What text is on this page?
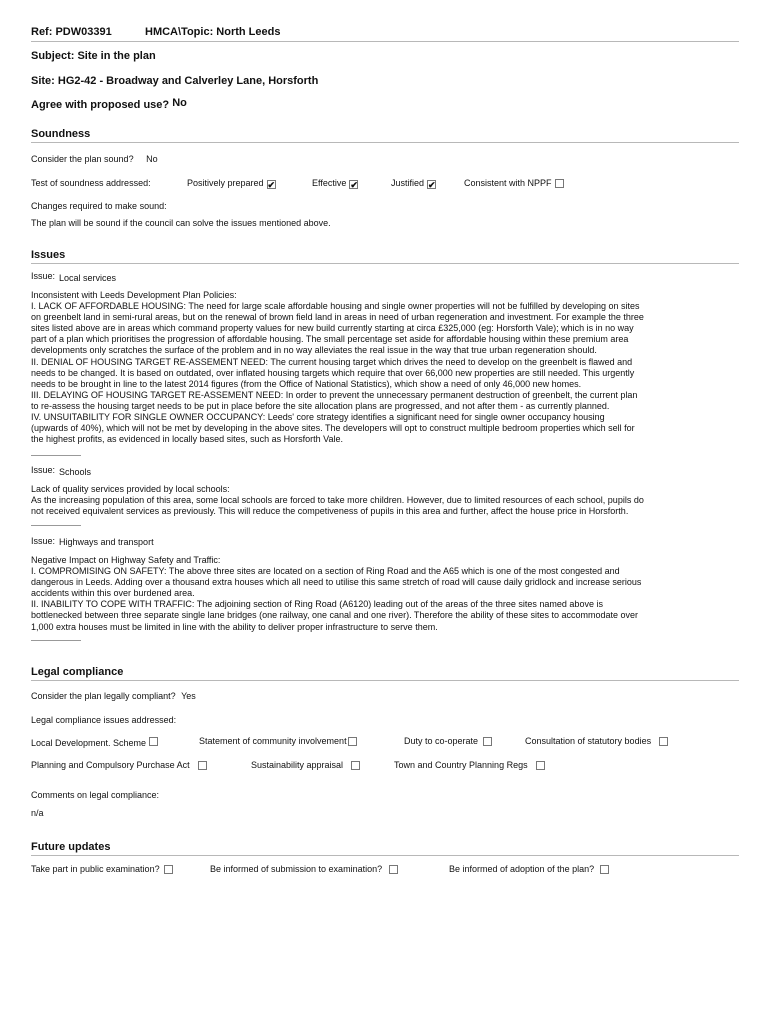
Ref: PDW03391	HMCA\Topic: North Leeds
Subject: Site in the plan
Site: HG2-42 - Broadway and Calverley Lane, Horsforth
Agree with proposed use? No
Soundness
Consider the plan sound? No
Test of soundness addressed:	Positively prepared ✔	Effective ✔	Justified ✔	Consistent with NPPF
Changes required to make sound:
The plan will be sound if the council can solve the issues mentioned above.
Issues
Issue: Local services
Inconsistent with Leeds Development Plan Policies:
I. LACK OF AFFORDABLE HOUSING: The need for large scale affordable housing and single owner properties will not be fulfilled by developing on sites
on greenbelt land in semi-rural areas, but on the renewal of brown field land in areas in need of urban regeneration and investment. For example the three
sites listed above are in areas which command property values for new build currently starting at circa £325,000 (eg: Horsforth Vale); which is in no way
part of a plan which prioritises the progression of affordable housing. The small percentage set aside for affordable housing within these premium area
developments only scratches the surface of the problem and in no way alleviates the real issue in the way that true urban regeneration should.
II. DENIAL OF HOUSING TARGET RE-ASSEMENT NEED: The current housing target which drives the need to develop on the greenbelt is flawed and
needs to be changed. It is based on outdated, over inflated housing targets which require that over 66,000 new properties are still needed. This urgently
needs to be brought in line to the latest 2014 figures (from the Office of National Statistics), which show a need of only 46,000 new homes.
III. DELAYING OF HOUSING TARGET RE-ASSEMENT NEED: In order to prevent the unnecessary permanent destruction of greenbelt, the current plan
to re-assess the housing target needs to be put in place before the site allocation plans are progressed, and not after them - as currently planned.
IV. UNSUITABILITY FOR SINGLE OWNER OCCUPANCY: Leeds' core strategy identifies a significant need for single owner occupancy housing
(upwards of 40%), which will not be met by developing in the above sites. The developers will opt to construct multiple bedroom properties which sell for
the highest profits, as evidenced in locally based sites, such as Horsforth Vale.
Issue: Schools
Lack of quality services provided by local schools:
As the increasing population of this area, some local schools are forced to take more children. However, due to limited resources of each school, pupils do
not received equivalent services as previously. This will reduce the competiveness of pupils in this area and further, affect the house price in Horsforth.
Issue: Highways and transport
Negative Impact on Highway Safety and Traffic:
I. COMPROMISING ON SAFETY: The above three sites are located on a section of Ring Road and the A65 which is one of the most congested and
dangerous in Leeds. Adding over a thousand extra houses which all need to utilise this same stretch of road will cause daily gridlock and increase serious
accidents within this over burdened area.
II. INABILITY TO COPE WITH TRAFFIC: The adjoining section of Ring Road (A6120) leading out of the areas of the three sites named above is
bottlenecked between three separate single lane bridges (one railway, one canal and one river). Therefore the ability of these sites to accommodate over
1,000 extra houses must be limited in line with the ability to deliver proper infrastructure to serve them.
Legal compliance
Consider the plan legally compliant? Yes
Legal compliance issues addressed:
Local Development. Scheme	Statement of community involvement	Duty to co-operate	Consultation of statutory bodies
Planning and Compulsory Purchase Act	Sustainability appraisal	Town and Country Planning Regs
Comments on legal compliance:
n/a
Future updates
Take part in public examination?	Be informed of submission to examination?	Be informed of adoption of the plan?
